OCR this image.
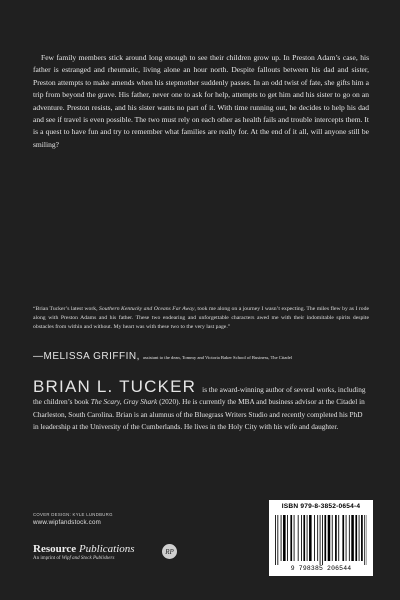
Few family members stick around long enough to see their children grow up. In Preston Adam’s case, his father is estranged and rheumatic, living alone an hour north. Despite fallouts between his dad and sister, Preston attempts to make amends when his stepmother suddenly passes. In an odd twist of fate, she gifts him a trip from beyond the grave. His father, never one to ask for help, attempts to get him and his sister to go on an adventure. Preston resists, and his sister wants no part of it. With time running out, he decides to help his dad and see if travel is even possible. The two must rely on each other as health fails and trouble intercepts them. It is a quest to have fun and try to remember what families are really for. At the end of it all, will anyone still be smiling?

“Brian Tucker’s latest work, Southern Kentucky and Oceans Far Away, took me along on a journey I wasn’t expecting. The miles flew by as I rode along with Preston Adams and his father. These two endearing and unforgettable characters awed me with their indomitable spirits despite obstacles from within and without. My heart was with these two to the very last page.”

—MELISSA GRIFFIN, assistant to the dean, Tommy and Victoria Baker School of Business, The Citadel

BRIAN L. TUCKER is the award-winning author of several works, including the children’s book The Scary, Gray Shark (2020). He is currently the MBA and business advisor at the Citadel in Charleston, South Carolina. Brian is an alumnus of the Bluegrass Writers Studio and recently completed his PhD in leadership at the University of the Cumberlands. He lives in the Holy City with his wife and daughter.

COVER DESIGN: KYLE LUNDBURG
www.wipfandstock.com
Resource Publications
An imprint of Wipf and Stock Publishers
RP
ISBN 979-8-3852-0654-4
9 798385 206544
